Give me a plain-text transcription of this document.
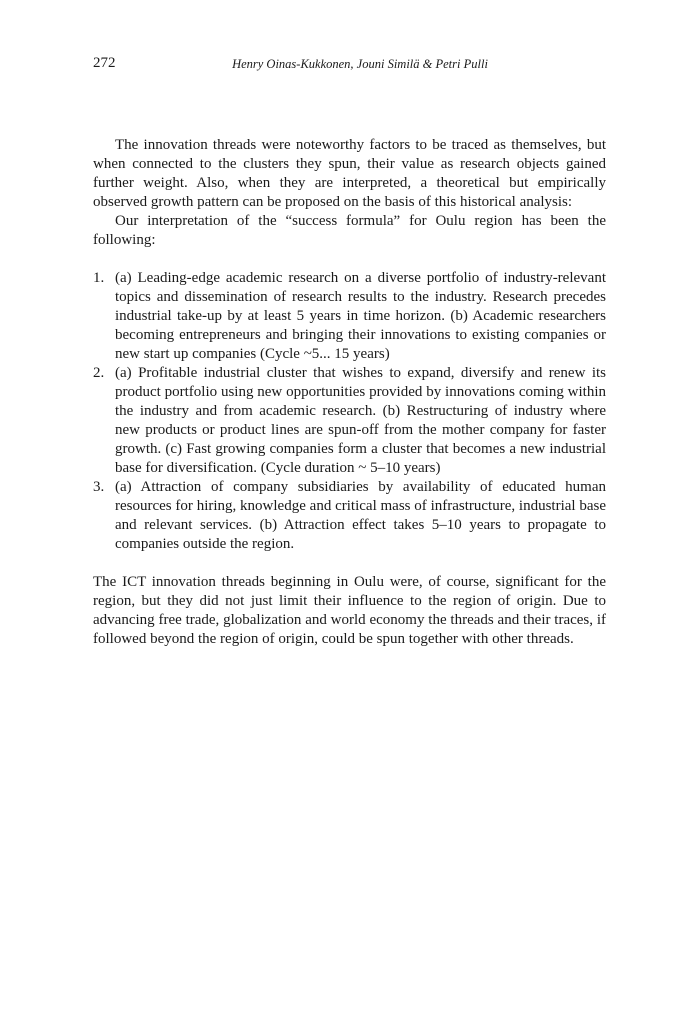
272	Henry Oinas-Kukkonen, Jouni Similä & Petri Pulli

The innovation threads were noteworthy factors to be traced as themselves, but when connected to the clusters they spun, their value as research objects gained further weight. Also, when they are interpreted, a theoretical but empirically observed growth pattern can be proposed on the basis of this historical analysis:

Our interpretation of the “success formula” for Oulu region has been the following:

1. (a) Leading-edge academic research on a diverse portfolio of industry-relevant topics and dissemination of research results to the industry. Research precedes industrial take-up by at least 5 years in time horizon. (b) Academic researchers becoming entrepreneurs and bringing their innovations to existing companies or new start up companies (Cycle ~5... 15 years)
2. (a) Profitable industrial cluster that wishes to expand, diversify and renew its product portfolio using new opportunities provided by innovations coming within the industry and from academic research. (b) Restructuring of industry where new products or product lines are spun-off from the mother company for faster growth. (c) Fast growing companies form a cluster that becomes a new industrial base for diversification. (Cycle duration ~ 5–10 years)
3. (a) Attraction of company subsidiaries by availability of educated human resources for hiring, knowledge and critical mass of infrastructure, industrial base and relevant services. (b) Attraction effect takes 5–10 years to propagate to companies outside the region.

The ICT innovation threads beginning in Oulu were, of course, significant for the region, but they did not just limit their influence to the region of origin. Due to advancing free trade, globalization and world economy the threads and their traces, if followed beyond the region of origin, could be spun together with other threads.
